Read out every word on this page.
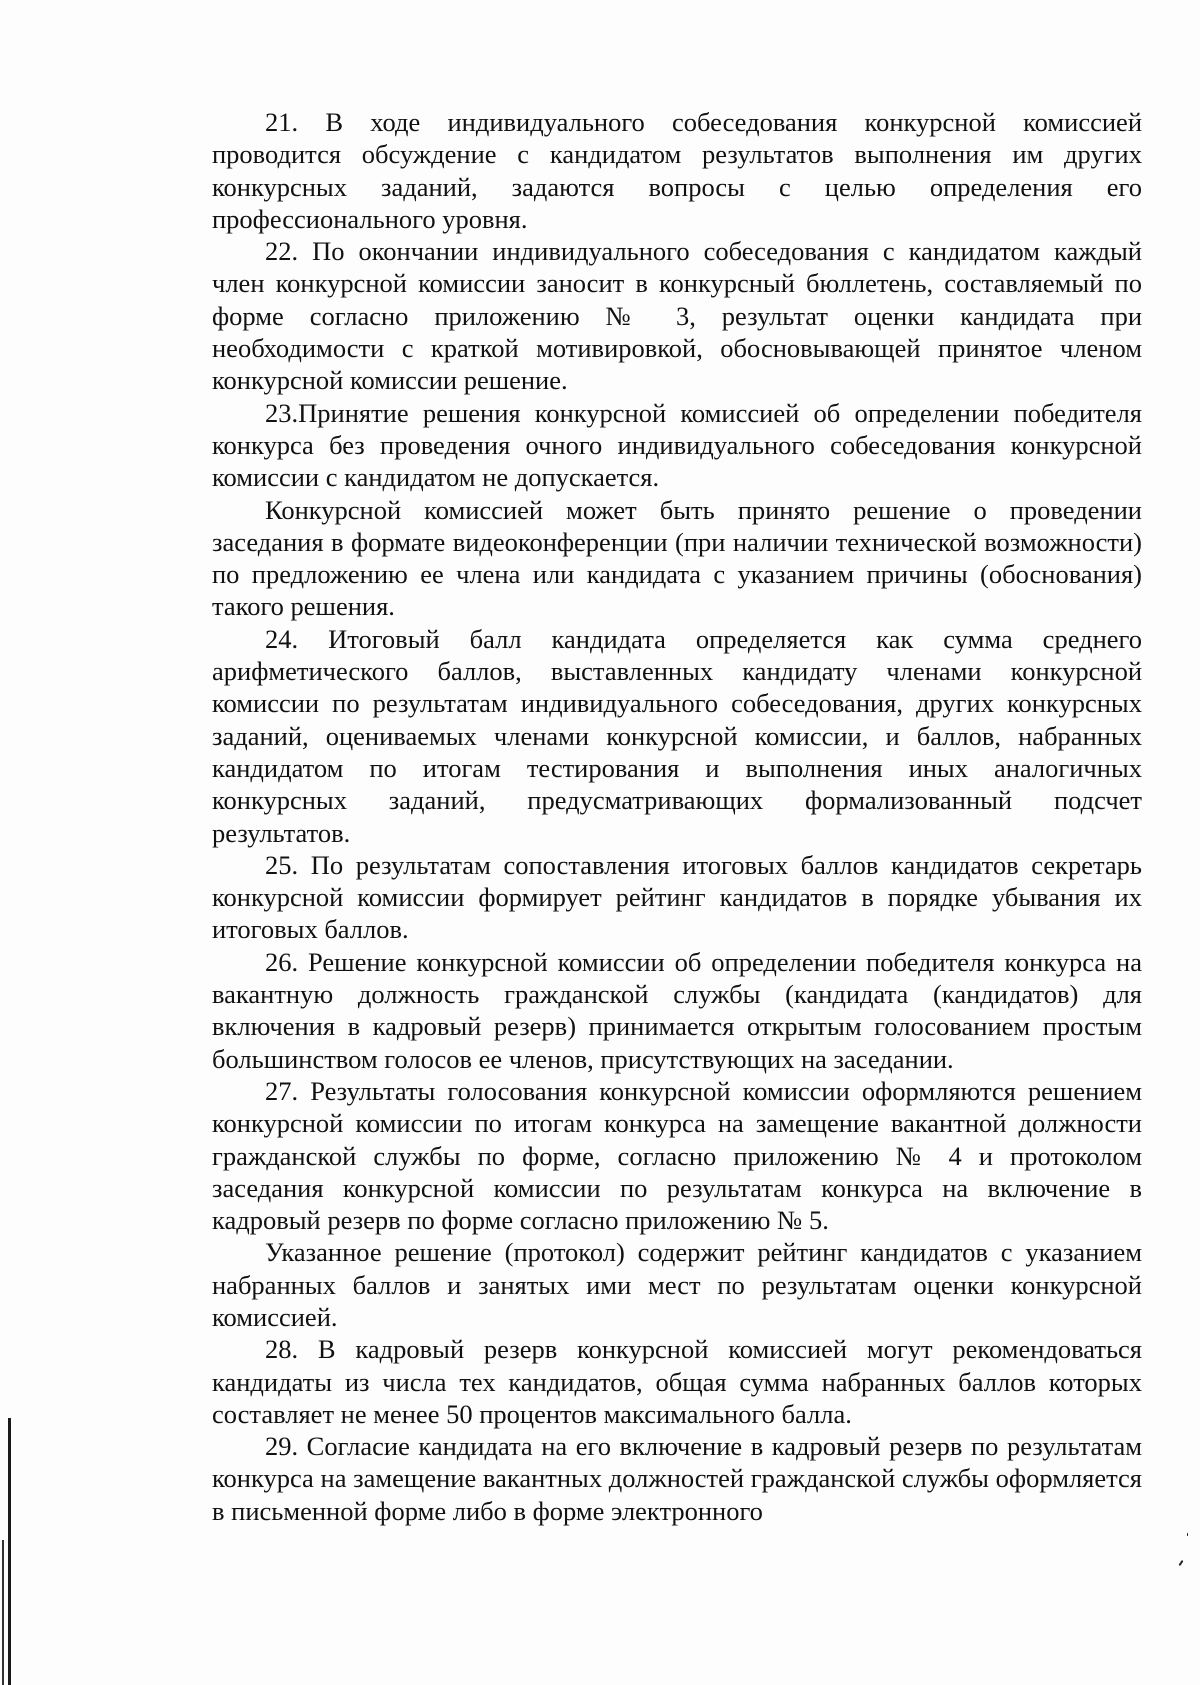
21. В ходе индивидуального собеседования конкурсной комиссией проводится обсуждение с кандидатом результатов выполнения им других конкурсных заданий, задаются вопросы с целью определения его профессионального уровня.

22. По окончании индивидуального собеседования с кандидатом каждый член конкурсной комиссии заносит в конкурсный бюллетень, составляемый по форме согласно приложению № 3, результат оценки кандидата при необходимости с краткой мотивировкой, обосновывающей принятое членом конкурсной комиссии решение.

23.Принятие решения конкурсной комиссией об определении победителя конкурса без проведения очного индивидуального собеседования конкурсной комиссии с кандидатом не допускается.

Конкурсной комиссией может быть принято решение о проведении заседания в формате видеоконференции (при наличии технической возможности) по предложению ее члена или кандидата с указанием причины (обоснования) такого решения.

24. Итоговый балл кандидата определяется как сумма среднего арифметического баллов, выставленных кандидату членами конкурсной комиссии по результатам индивидуального собеседования, других конкурсных заданий, оцениваемых членами конкурсной комиссии, и баллов, набранных кандидатом по итогам тестирования и выполнения иных аналогичных конкурсных заданий, предусматривающих формализованный подсчет результатов.

25. По результатам сопоставления итоговых баллов кандидатов секретарь конкурсной комиссии формирует рейтинг кандидатов в порядке убывания их итоговых баллов.

26. Решение конкурсной комиссии об определении победителя конкурса на вакантную должность гражданской службы (кандидата (кандидатов) для включения в кадровый резерв) принимается открытым голосованием простым большинством голосов ее членов, присутствующих на заседании.

27. Результаты голосования конкурсной комиссии оформляются решением конкурсной комиссии по итогам конкурса на замещение вакантной должности гражданской службы по форме, согласно приложению № 4 и протоколом заседания конкурсной комиссии по результатам конкурса на включение в кадровый резерв по форме согласно приложению № 5.

Указанное решение (протокол) содержит рейтинг кандидатов с указанием набранных баллов и занятых ими мест по результатам оценки конкурсной комиссией.

28. В кадровый резерв конкурсной комиссией могут рекомендоваться кандидаты из числа тех кандидатов, общая сумма набранных баллов которых составляет не менее 50 процентов максимального балла.

29. Согласие кандидата на его включение в кадровый резерв по результатам конкурса на замещение вакантных должностей гражданской службы оформляется в письменной форме либо в форме электронного
